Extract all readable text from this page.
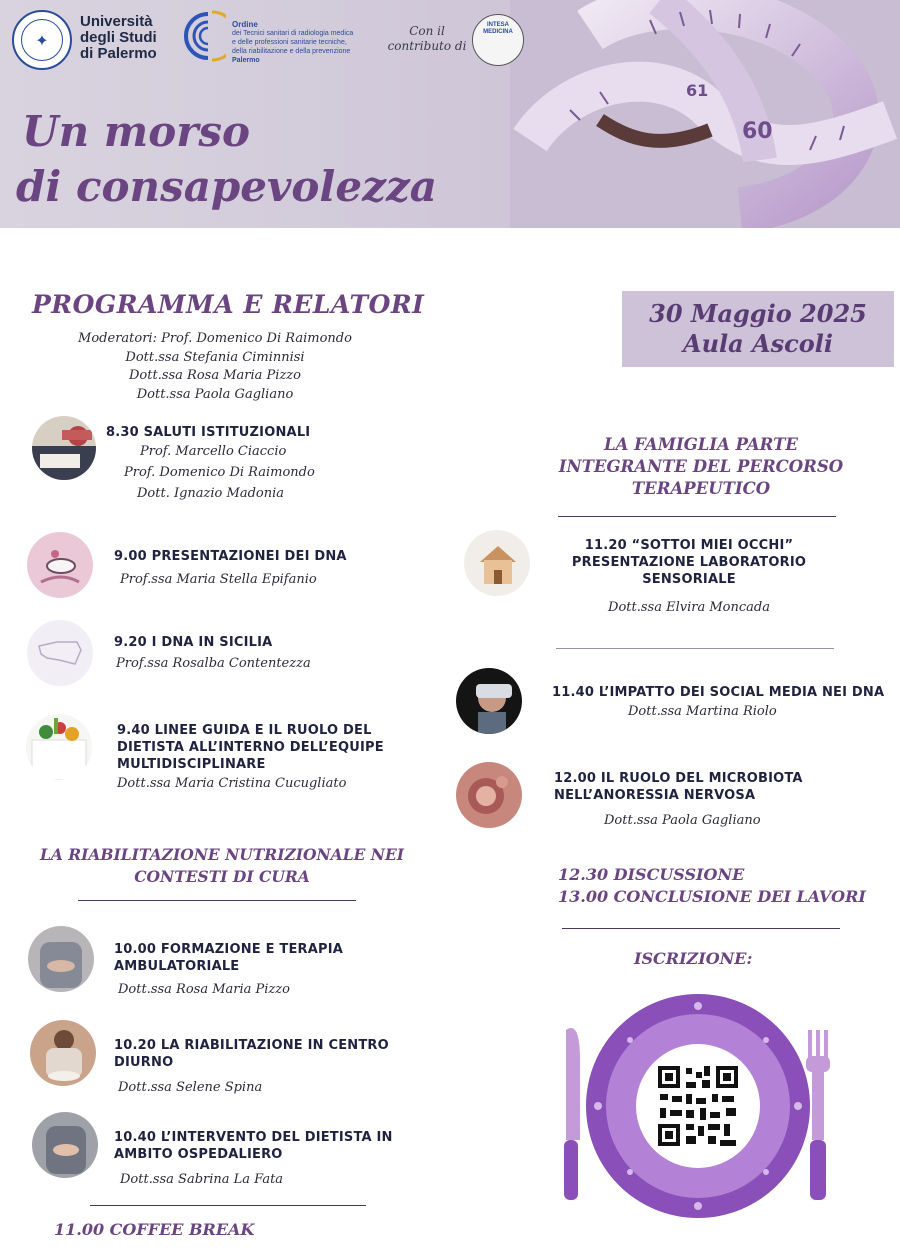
60
61
✦
Università
degli Studi
di Palermo
Ordine
dei Tecnici sanitari di radiologia medica
e delle professioni sanitarie tecniche,
della riabilitazione e della prevenzione
Palermo
Con il
contributo di
INTESA
MEDICINA
Un morso
di consapevolezza
PROGRAMMA E RELATORI	30 Maggio 2025
Aula Ascoli
Moderatori: Prof. Domenico Di Raimondo
Dott.ssa Stefania Ciminnisi
Dott.ssa Rosa Maria Pizzo
Dott.ssa Paola Gagliano
8.30 SALUTI ISTITUZIONALI
Prof. Marcello Ciaccio
Prof. Domenico Di Raimondo
Dott. Ignazio Madonia
9.00 PRESENTAZIONEI DEI DNA
Prof.ssa Maria Stella Epifanio
9.20 I DNA IN SICILIA
Prof.ssa Rosalba Contentezza
9.40 LINEE GUIDA E IL RUOLO DEL
DIETISTA ALL’INTERNO DELL’EQUIPE
MULTIDISCIPLINARE
Dott.ssa Maria Cristina Cucugliato
LA RIABILITAZIONE NUTRIZIONALE NEI
CONTESTI DI CURA
10.00 FORMAZIONE E TERAPIA
AMBULATORIALE
Dott.ssa Rosa Maria Pizzo
10.20 LA RIABILITAZIONE IN CENTRO
DIURNO
Dott.ssa Selene Spina
10.40 L’INTERVENTO DEL DIETISTA IN
AMBITO OSPEDALIERO
Dott.ssa Sabrina La Fata
11.00 COFFEE BREAK
LA FAMIGLIA PARTE
INTEGRANTE DEL PERCORSO
TERAPEUTICO
11.20 “SOTTOI MIEI OCCHI”
PRESENTAZIONE LABORATORIO
SENSORIALE
Dott.ssa Elvira Moncada
11.40 L’IMPATTO DEI SOCIAL MEDIA NEI DNA
Dott.ssa Martina Riolo
12.00 IL RUOLO DEL MICROBIOTA
NELL’ANORESSIA NERVOSA
Dott.ssa Paola Gagliano
12.30 DISCUSSIONE
13.00 CONCLUSIONE DEI LAVORI
ISCRIZIONE:
